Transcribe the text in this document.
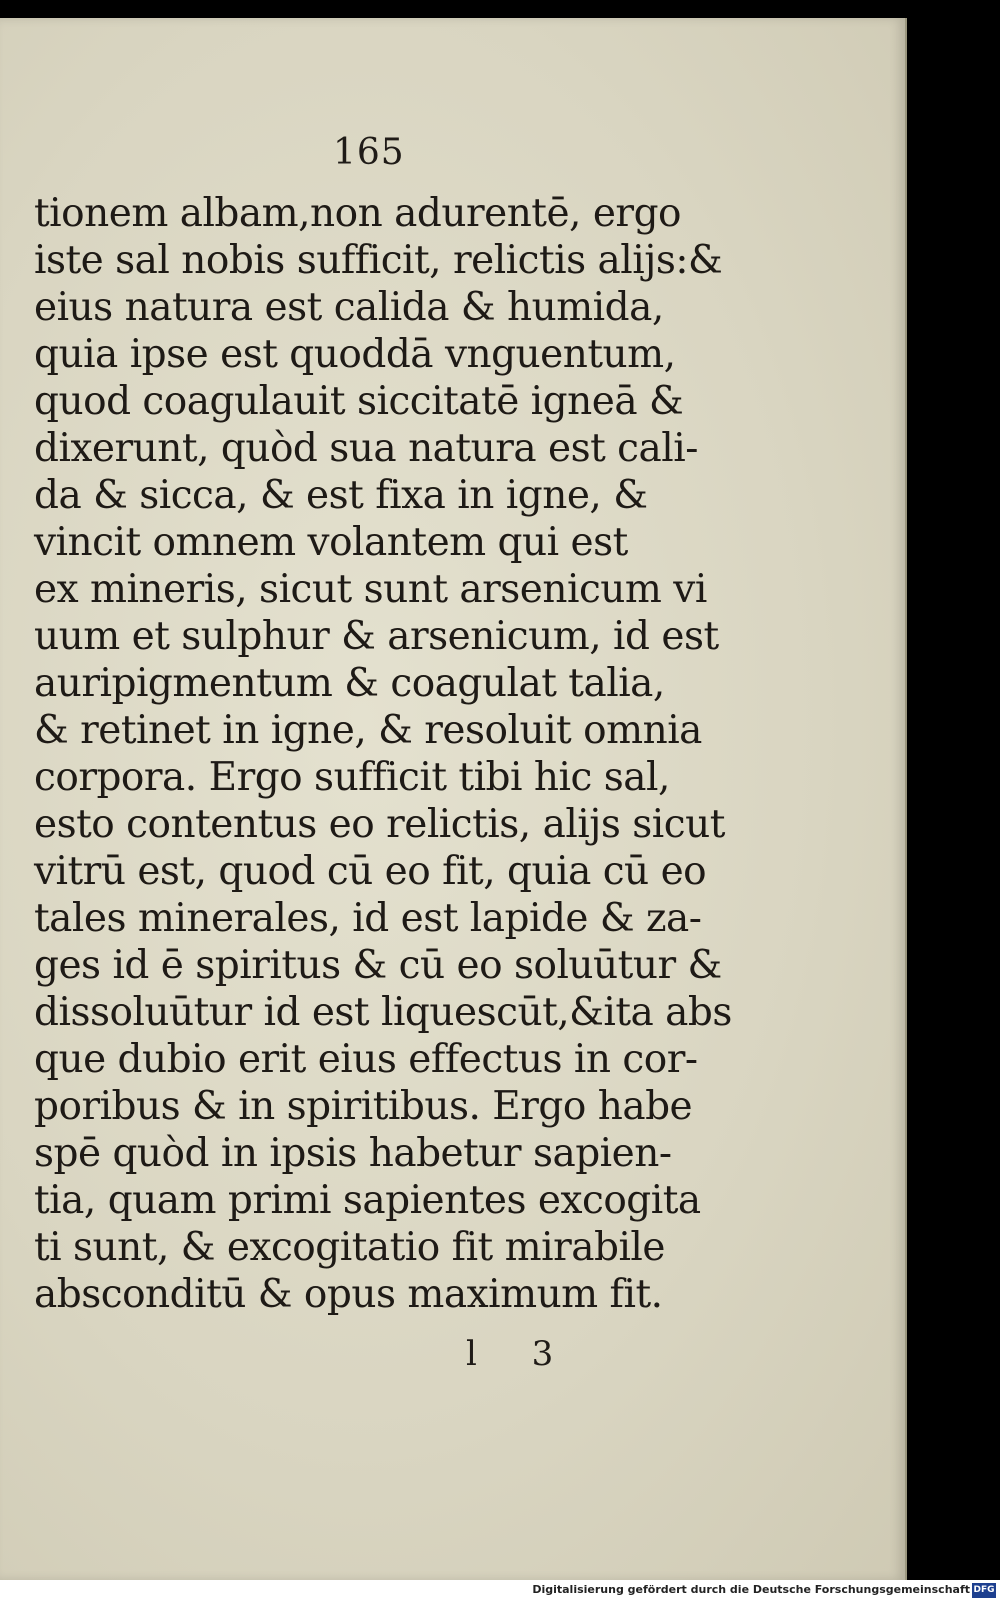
165
tionem albam,non adurentē, ergo
iste sal nobis sufficit, relictis alijs:&
eius natura est calida & humida,
quia ipse est quoddā vnguentum,
quod coagulauit siccitatē igneā &
dixerunt, quòd sua natura est cali-
da & sicca, & est fixa in igne, &
vincit omnem volantem qui est
ex mineris, sicut sunt arsenicum vi
uum et sulphur & arsenicum, id est
auripigmentum & coagulat talia,
& retinet in igne, & resoluit omnia
corpora. Ergo sufficit tibi hic sal,
esto contentus eo relictis, alijs sicut
vitrū est, quod cū eo fit, quia cū eo
tales minerales, id est lapide & za-
ges id ē spiritus & cū eo soluūtur &
dissoluūtur id est liquescūt,&ita abs
que dubio erit eius effectus in cor-
poribus & in spiritibus. Ergo habe
spē quòd in ipsis habetur sapien-
tia, quam primi sapientes excogita
ti sunt, & excogitatio fit mirabile
absconditū & opus maximum fit.
l 3
Digitalisierung gefördert durch die Deutsche Forschungsgemeinschaft DFG
